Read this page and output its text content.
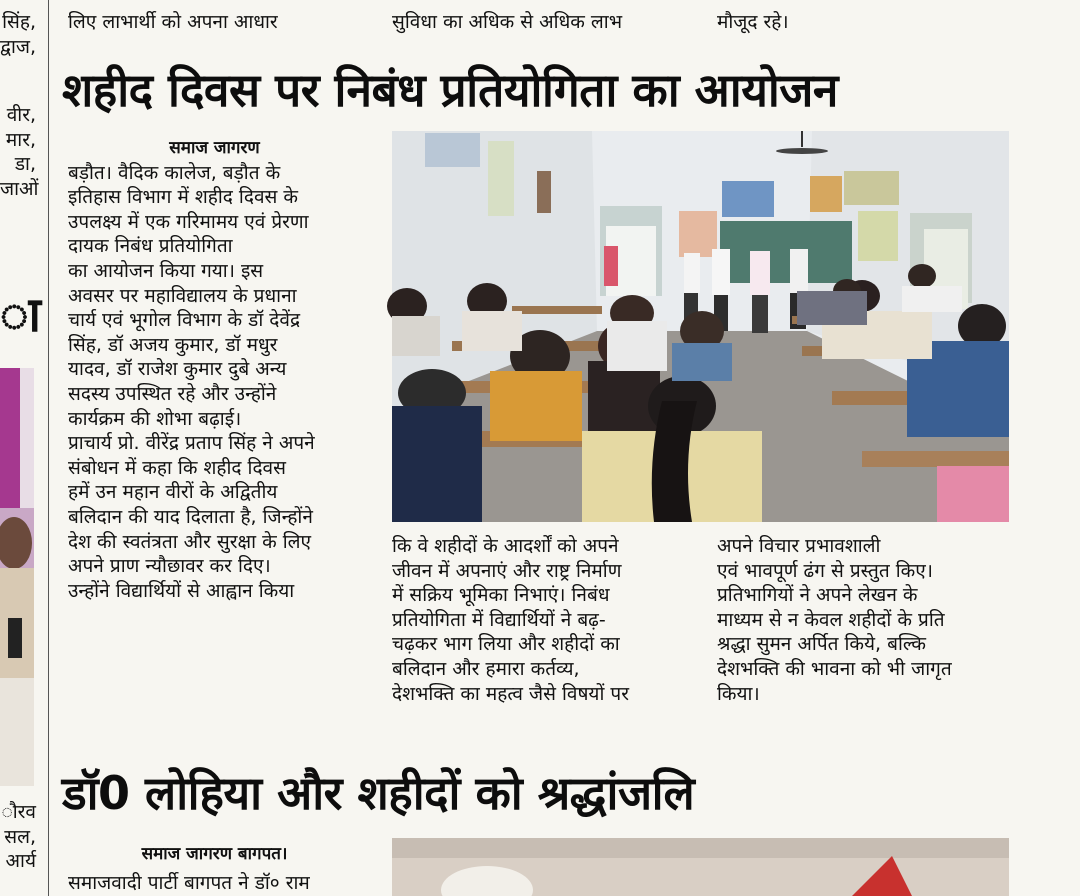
लिए लाभार्थी को अपना आधार	सुविधा का अधिक से अधिक लाभ	मौजूद रहे।
सिंह,
द्वाज,
वीर,
मार,
डा,
जाओं
ा
ौरव
सल,
आर्य
शहीद दिवस पर निबंध प्रतियोगिता का आयोजन

समाज जागरण

बड़ौत। वैदिक कालेज, बड़ौत के

इतिहास विभाग में शहीद दिवस के

उपलक्ष्य में एक गरिमामय एवं प्रेरणा

दायक निबंध प्रतियोगिता

का आयोजन किया गया। इस

अवसर पर महाविद्यालय के प्रधाना

चार्य एवं भूगोल विभाग के डॉ देवेंद्र

सिंह, डॉ अजय कुमार, डॉ मधुर

यादव, डॉ राजेश कुमार दुबे अन्य

सदस्य उपस्थित रहे और उन्होंने

कार्यक्रम की शोभा बढ़ाई।

प्राचार्य प्रो. वीरेंद्र प्रताप सिंह ने अपने

संबोधन में कहा कि शहीद दिवस

हमें उन महान वीरों के अद्वितीय

बलिदान की याद दिलाता है, जिन्होंने

देश की स्वतंत्रता और सुरक्षा के लिए

अपने प्राण न्यौछावर कर दिए।

उन्होंने विद्यार्थियों से आह्वान किया

कि वे शहीदों के आदर्शों को अपने

जीवन में अपनाएं और राष्ट्र निर्माण

में सक्रिय भूमिका निभाएं। निबंध

प्रतियोगिता में विद्यार्थियों ने बढ़-

चढ़कर भाग लिया और शहीदों का

बलिदान और हमारा कर्तव्य,

देशभक्ति का महत्व जैसे विषयों पर

अपने विचार प्रभावशाली

एवं भावपूर्ण ढंग से प्रस्तुत किए।

प्रतिभागियों ने अपने लेखन के

माध्यम से न केवल शहीदों के प्रति

श्रद्धा सुमन अर्पित किये, बल्कि

देशभक्ति की भावना को भी जागृत

किया।

डॉ0 लोहिया और शहीदों को श्रद्धांजलि

समाज जागरण बागपत।

समाजवादी पार्टी बागपत ने डॉ० राम
